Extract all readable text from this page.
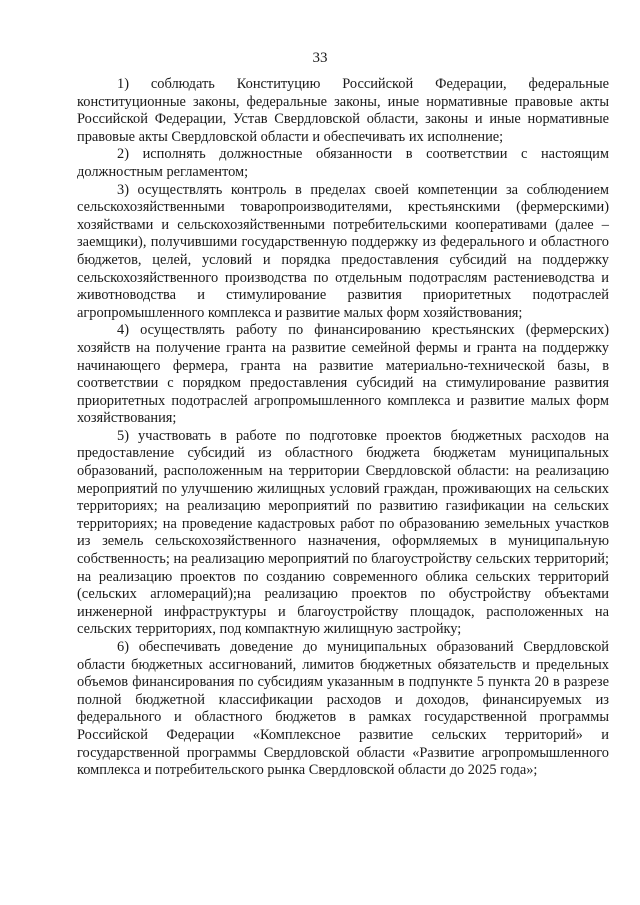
33

1) соблюдать Конституцию Российской Федерации, федеральные конституционные законы, федеральные законы, иные нормативные правовые акты Российской Федерации, Устав Свердловской области, законы и иные нормативные правовые акты Свердловской области и обеспечивать их исполнение;

2) исполнять должностные обязанности в соответствии с настоящим должностным регламентом;

3) осуществлять контроль в пределах своей компетенции за соблюдением сельскохозяйственными товаропроизводителями, крестьянскими (фермерскими) хозяйствами и сельскохозяйственными потребительскими кооперативами (далее – заемщики), получившими государственную поддержку из федерального и областного бюджетов, целей, условий и порядка предоставления субсидий на поддержку сельскохозяйственного производства по отдельным подотраслям растениеводства и животноводства и стимулирование развития приоритетных подотраслей агропромышленного комплекса и развитие малых форм хозяйствования;

4) осуществлять работу по финансированию крестьянских (фермерских) хозяйств на получение гранта на развитие семейной фермы и гранта на поддержку начинающего фермера, гранта на развитие материально-технической базы, в соответствии с порядком предоставления субсидий на стимулирование развития приоритетных подотраслей агропромышленного комплекса и развитие малых форм хозяйствования;

5) участвовать в работе по подготовке проектов бюджетных расходов на предоставление субсидий из областного бюджета бюджетам муниципальных образований, расположенным на территории Свердловской области: на реализацию мероприятий по улучшению жилищных условий граждан, проживающих на сельских территориях; на реализацию мероприятий по развитию газификации на сельских территориях; на проведение кадастровых работ по образованию земельных участков из земель сельскохозяйственного назначения, оформляемых в муниципальную собственность; на реализацию мероприятий по благоустройству сельских территорий; на реализацию проектов по созданию современного облика сельских территорий (сельских агломераций);на реализацию проектов по обустройству объектами инженерной инфраструктуры и благоустройству площадок, расположенных на сельских территориях, под компактную жилищную застройку;

6) обеспечивать доведение до муниципальных образований Свердловской области бюджетных ассигнований, лимитов бюджетных обязательств и предельных объемов финансирования по субсидиям указанным в подпункте 5 пункта 20 в разрезе полной бюджетной классификации расходов и доходов, финансируемых из федерального и областного бюджетов в рамках государственной программы Российской Федерации «Комплексное развитие сельских территорий» и государственной программы Свердловской области «Развитие агропромышленного комплекса и потребительского рынка Свердловской области до 2025 года»;
